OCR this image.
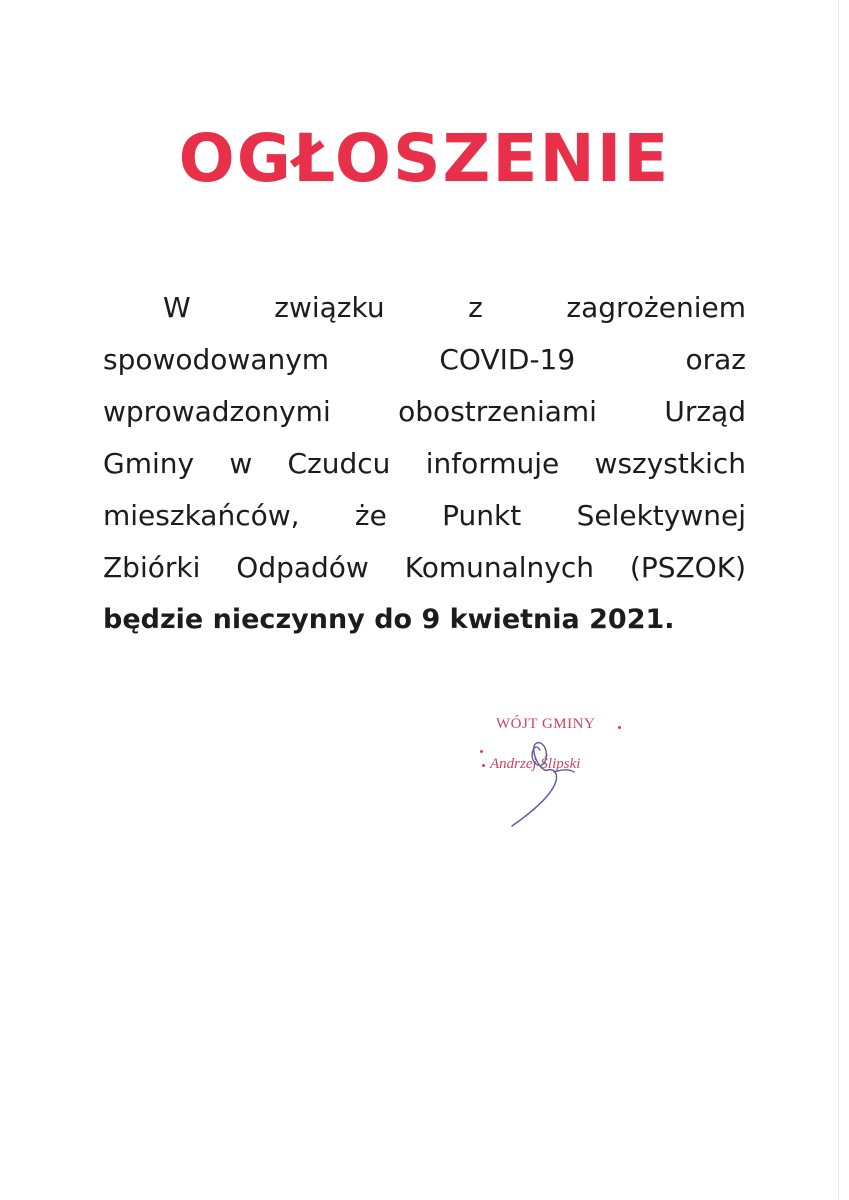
OGŁOSZENIE
W związku z zagrożeniem
spowodowanym COVID-19 oraz
wprowadzonymi obostrzeniami Urząd
Gminy w Czudcu informuje wszystkich
mieszkańców, że Punkt Selektywnej
Zbiórki Odpadów Komunalnych (PSZOK)
będzie nieczynny do 9 kwietnia 2021.
WÓJT GMINY
Andrzej Ślipski
